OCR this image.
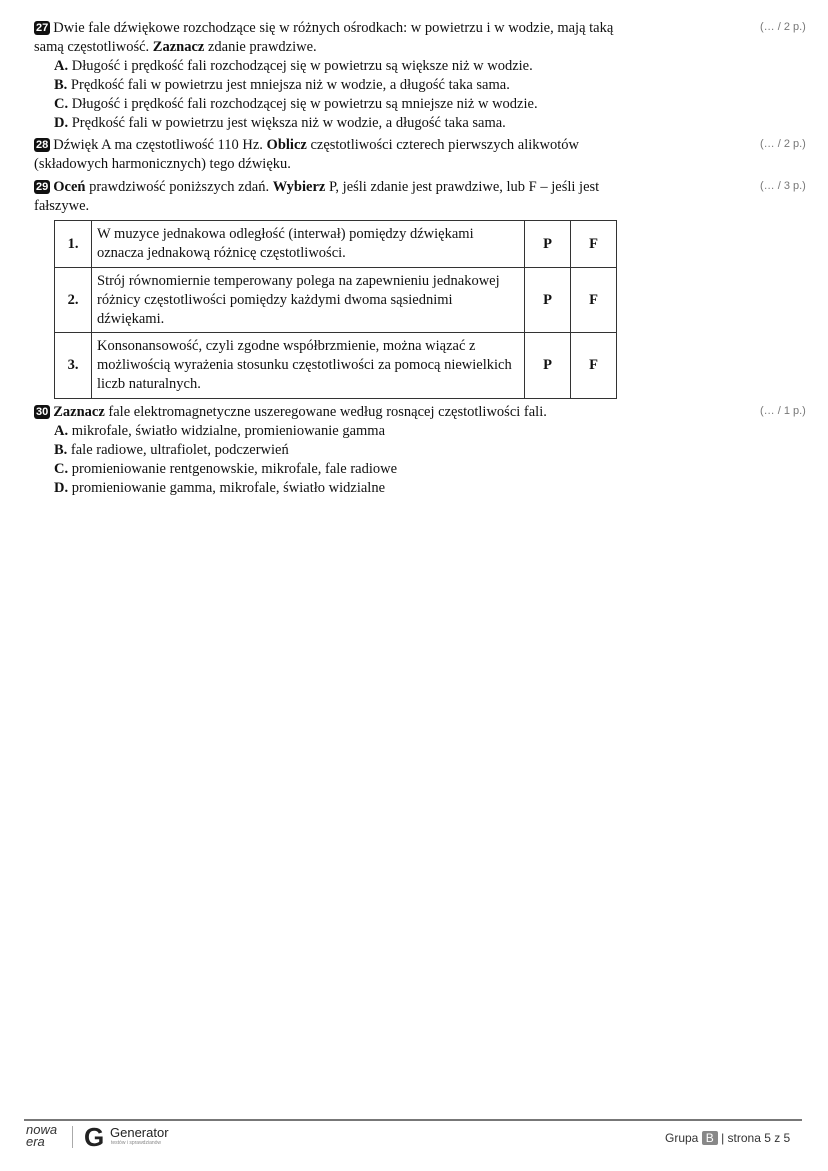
27 Dwie fale dźwiękowe rozchodzące się w różnych ośrodkach: w powietrzu i w wodzie, mają taką samą częstotliwość. Zaznacz zdanie prawdziwe.
A. Długość i prędkość fali rozchodzącej się w powietrzu są większe niż w wodzie.
B. Prędkość fali w powietrzu jest mniejsza niż w wodzie, a długość taka sama.
C. Długość i prędkość fali rozchodzącej się w powietrzu są mniejsze niż w wodzie.
D. Prędkość fali w powietrzu jest większa niż w wodzie, a długość taka sama.
(… / 2 p.)
28 Dźwięk A ma częstotliwość 110 Hz. Oblicz częstotliwości czterech pierwszych alikwotów (składowych harmonicznych) tego dźwięku.
(… / 2 p.)
29 Oceń prawdziwość poniższych zdań. Wybierz P, jeśli zdanie jest prawdziwe, lub F – jeśli jest fałszywe.
(… / 3 p.)
1.	W muzyce jednakowa odległość (interwał) pomiędzy dźwiękami oznacza jednakową różnicę częstotliwości.	P	F
2.	Strój równomiernie temperowany polega na zapewnieniu jednakowej różnicy częstotliwości pomiędzy każdymi dwoma sąsiednimi dźwiękami.	P	F
3.	Konsonansowość, czyli zgodne współbrzmienie, można wiązać z możliwością wyrażenia stosunku częstotliwości za pomocą niewielkich liczb naturalnych.	P	F
30 Zaznacz fale elektromagnetyczne uszeregowane według rosnącej częstotliwości fali.
A. mikrofale, światło widzialne, promieniowanie gamma
B. fale radiowe, ultrafiolet, podczerwień
C. promieniowanie rentgenowskie, mikrofale, fale radiowe
D. promieniowanie gamma, mikrofale, światło widzialne
(… / 1 p.)
nowa era	G Generator
testów i sprawdzianów	Grupa B | strona 5 z 5
